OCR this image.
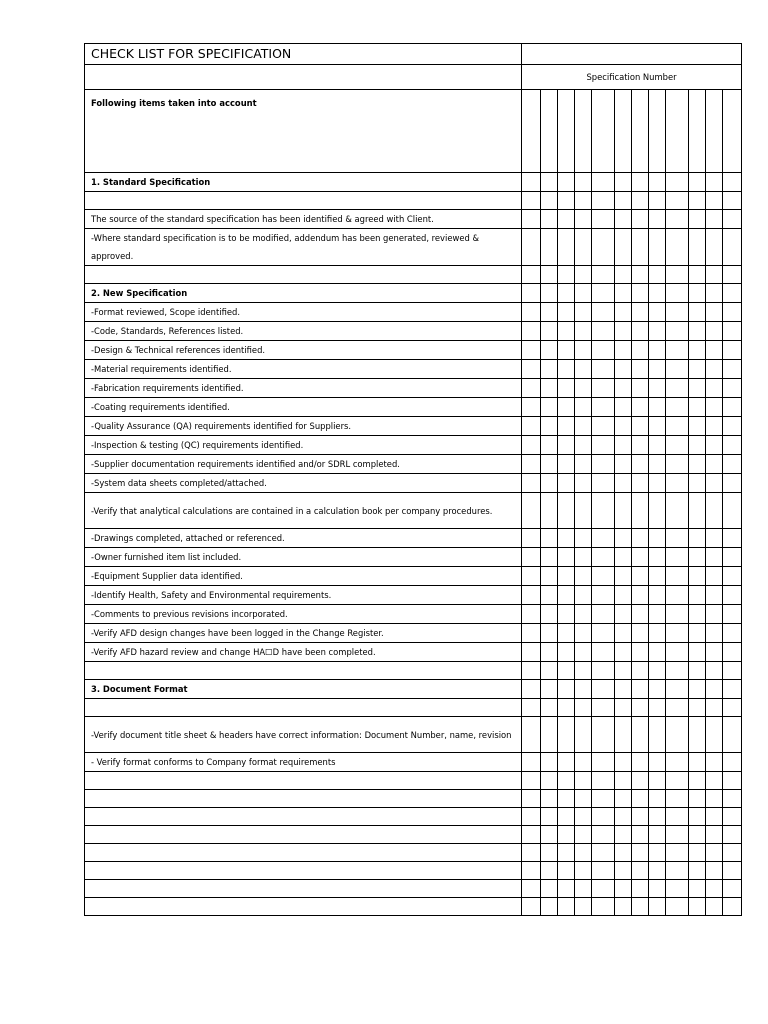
CHECK LIST FOR SPECIFICATION												
	Specification Number											
Following items taken into account												
1. Standard Specification												

The source of the standard specification has been identified & agreed with Client.												
-Where standard specification is to be modified, addendum has been generated, reviewed & approved.												

2. New Specification												
-Format reviewed, Scope identified.												
-Code, Standards, References listed.												
-Design & Technical references identified.												
-Material requirements identified.												
-Fabrication requirements identified.												
-Coating requirements identified.												
-Quality Assurance (QA) requirements identified for Suppliers.												
-Inspection & testing (QC) requirements identified.												
-Supplier documentation requirements identified and/or SDRL completed.												
-System data sheets completed/attached.												
-Verify that analytical calculations are contained in a calculation book per company procedures.												
-Drawings completed, attached or referenced.												
-Owner furnished item list included.												
-Equipment Supplier data identified.												
-Identify Health, Safety and Environmental requirements.												
-Comments to previous revisions incorporated.												
-Verify AFD design changes have been logged in the Change Register.												
-Verify AFD hazard review and change HA☐D have been completed.												

3. Document Format												

-Verify document title sheet & headers have correct information: Document Number, name, revision												
- Verify format conforms to Company format requirements												
